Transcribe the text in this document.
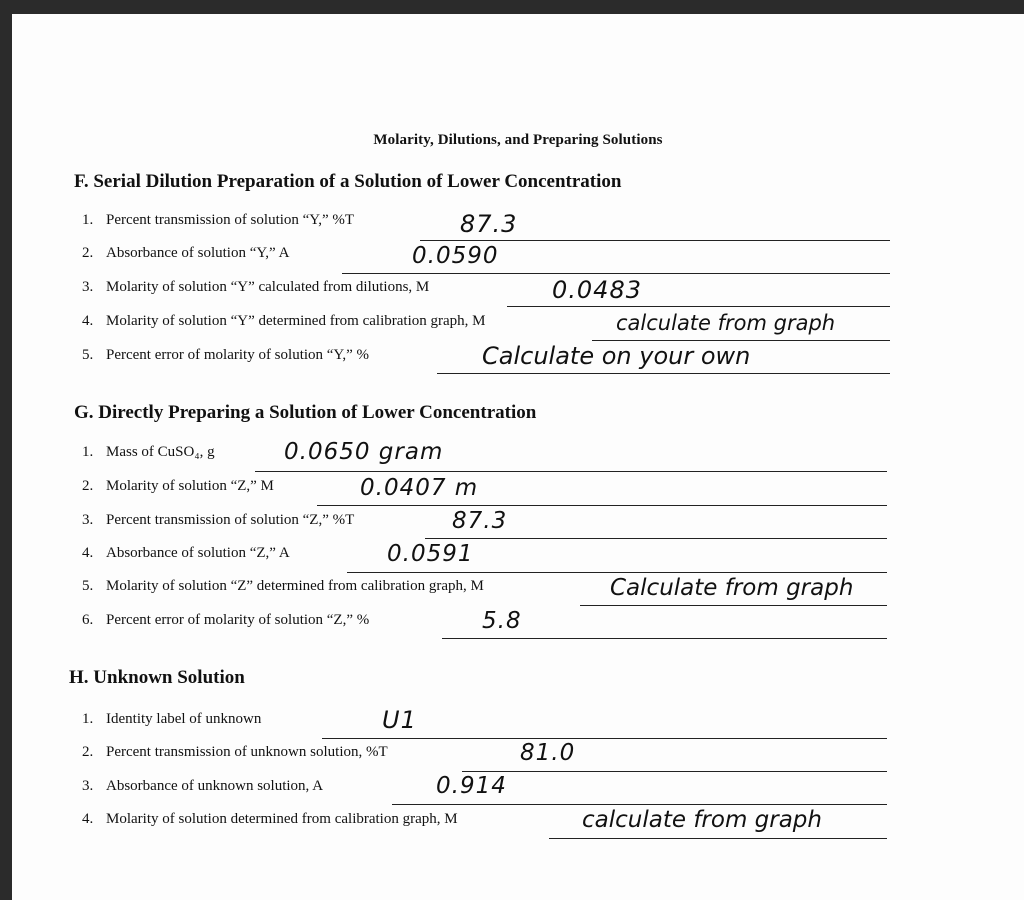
Molarity, Dilutions, and Preparing Solutions
F. Serial Dilution Preparation of a Solution of Lower Concentration
1. Percent transmission of solution “Y,” %T	87.3
2. Absorbance of solution “Y,” A	0.0590
3. Molarity of solution “Y” calculated from dilutions, M	0.0483
4. Molarity of solution “Y” determined from calibration graph, M	calculate from graph
5. Percent error of molarity of solution “Y,” %	Calculate on your own
G. Directly Preparing a Solution of Lower Concentration
1. Mass of CuSO₄, g	0.0650 gram
2. Molarity of solution “Z,” M	0.0407 m
3. Percent transmission of solution “Z,” %T	87.3
4. Absorbance of solution “Z,” A	0.0591
5. Molarity of solution “Z” determined from calibration graph, M	Calculate from graph
6. Percent error of molarity of solution “Z,” %	5.8
H. Unknown Solution
1. Identity label of unknown	U1
2. Percent transmission of unknown solution, %T	81.0
3. Absorbance of unknown solution, A	0.914
4. Molarity of solution determined from calibration graph, M	calculate from graph
